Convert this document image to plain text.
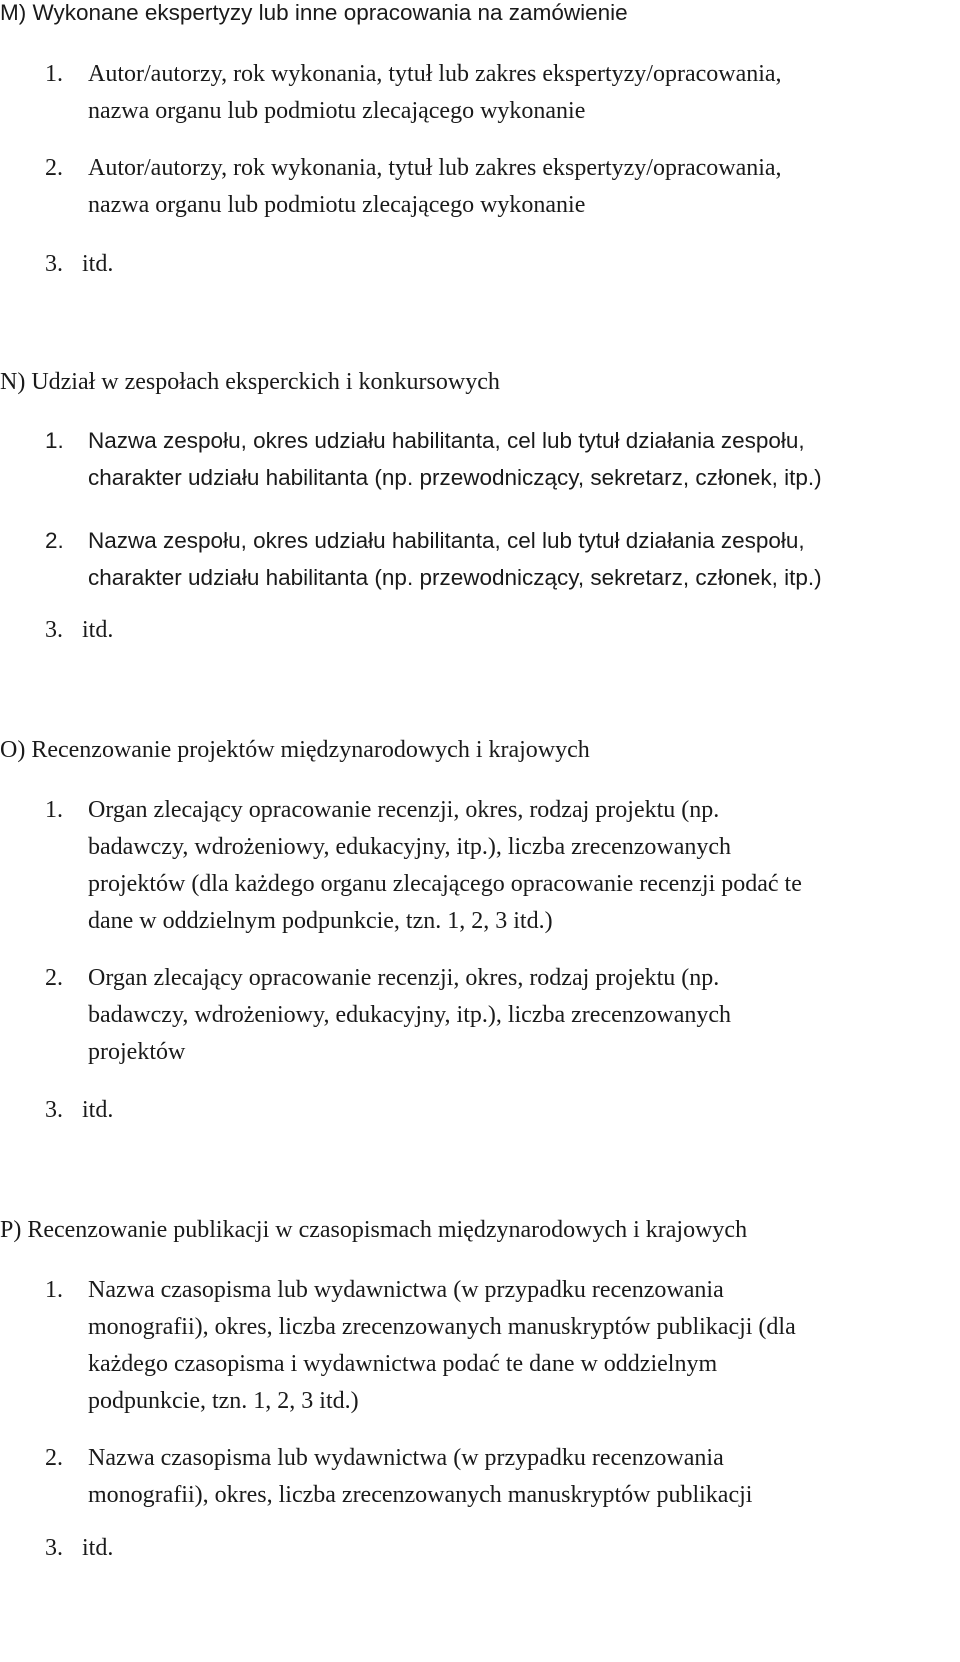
M) Wykonane ekspertyzy lub inne opracowania na zamówienie
1. Autor/autorzy, rok wykonania, tytuł lub zakres ekspertyzy/opracowania,
nazwa organu lub podmiotu zlecającego wykonanie
2. Autor/autorzy, rok wykonania, tytuł lub zakres ekspertyzy/opracowania,
nazwa organu lub podmiotu zlecającego wykonanie
3. itd.
N) Udział w zespołach eksperckich i konkursowych
1. Nazwa zespołu, okres udziału habilitanta, cel lub tytuł działania zespołu,
charakter udziału habilitanta (np. przewodniczący, sekretarz, członek, itp.)
2. Nazwa zespołu, okres udziału habilitanta, cel lub tytuł działania zespołu,
charakter udziału habilitanta (np. przewodniczący, sekretarz, członek, itp.)
3. itd.
O) Recenzowanie projektów międzynarodowych i krajowych
1. Organ zlecający opracowanie recenzji, okres, rodzaj projektu (np.
badawczy, wdrożeniowy, edukacyjny, itp.), liczba zrecenzowanych
projektów (dla każdego organu zlecającego opracowanie recenzji podać te
dane w oddzielnym podpunkcie, tzn. 1, 2, 3 itd.)
2. Organ zlecający opracowanie recenzji, okres, rodzaj projektu (np.
badawczy, wdrożeniowy, edukacyjny, itp.), liczba zrecenzowanych
projektów
3. itd.
P) Recenzowanie publikacji w czasopismach międzynarodowych i krajowych
1. Nazwa czasopisma lub wydawnictwa (w przypadku recenzowania
monografii), okres, liczba zrecenzowanych manuskryptów publikacji (dla
każdego czasopisma i wydawnictwa podać te dane w oddzielnym
podpunkcie, tzn. 1, 2, 3 itd.)
2. Nazwa czasopisma lub wydawnictwa (w przypadku recenzowania
monografii), okres, liczba zrecenzowanych manuskryptów publikacji
3. itd.
